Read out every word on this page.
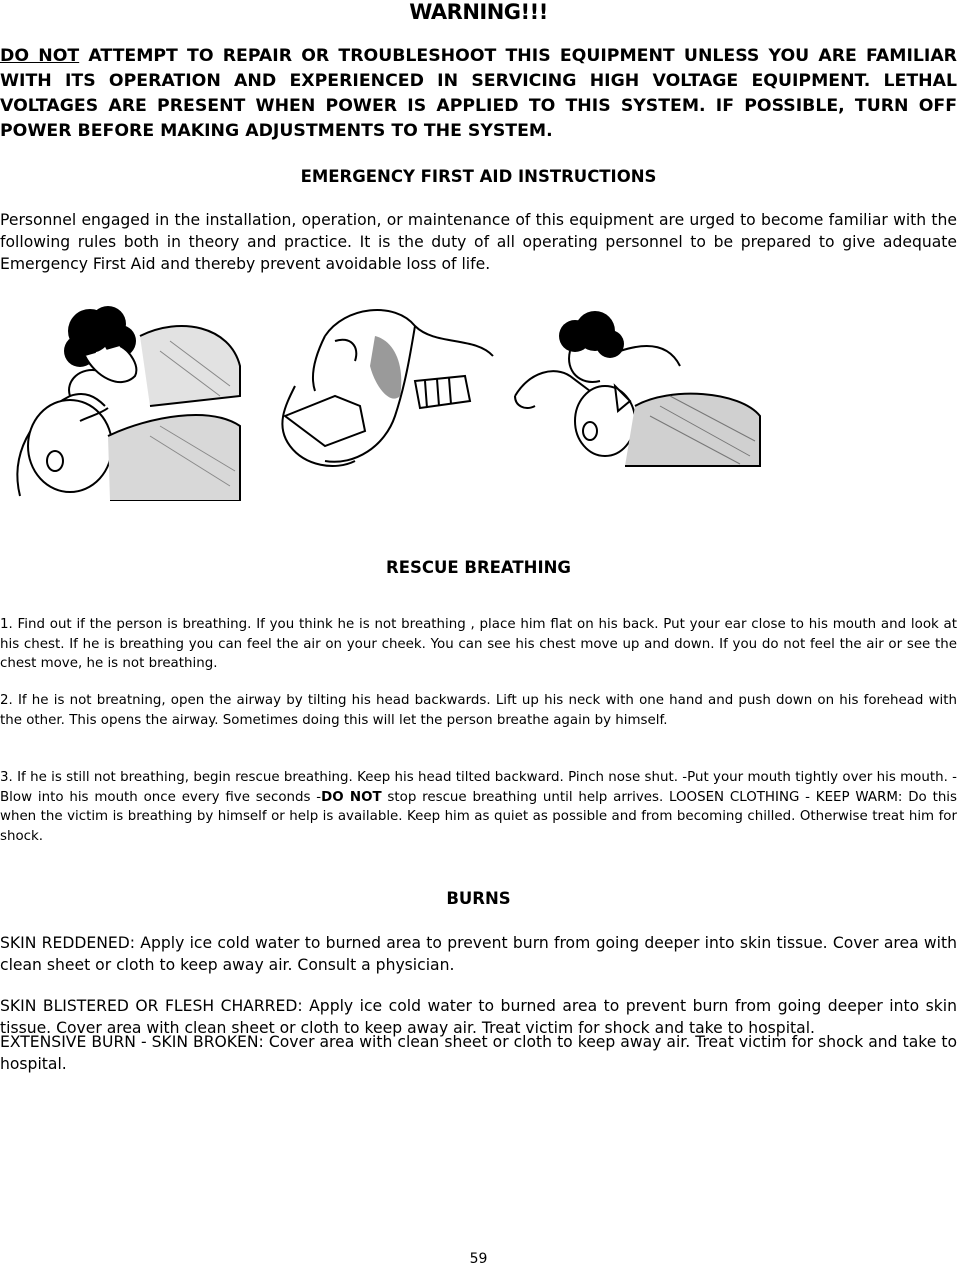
WARNING!!!

DO NOT ATTEMPT TO REPAIR OR TROUBLESHOOT THIS EQUIPMENT UNLESS YOU ARE FAMILIAR WITH ITS OPERATION AND EXPERIENCED IN SERVICING HIGH VOLTAGE EQUIPMENT. LETHAL VOLTAGES ARE PRESENT WHEN POWER IS APPLIED TO THIS SYSTEM. IF POSSIBLE, TURN OFF POWER BEFORE MAKING ADJUSTMENTS TO THE SYSTEM.

EMERGENCY FIRST AID INSTRUCTIONS

Personnel engaged in the installation, operation, or maintenance of this equipment are urged to become familiar with the following rules both in theory and practice. It is the duty of all operating personnel to be prepared to give adequate Emergency First Aid and thereby prevent avoidable loss of life.

RESCUE BREATHING

1. Find out if the person is breathing. If you think he is not breathing , place him flat on his back. Put your ear close to his mouth and look at his chest. If he is breathing you can feel the air on your cheek. You can see his chest move up and down. If you do not feel the air or see the chest move, he is not breathing.

2. If he is not breatning, open the airway by tilting his head backwards. Lift up his neck with one hand and push down on his forehead with the other. This opens the airway. Sometimes doing this will let the person breathe again by himself.

3. If he is still not breathing, begin rescue breathing. Keep his head tilted backward. Pinch nose shut. -Put your mouth tightly over his mouth. -Blow into his mouth once every five seconds -DO NOT stop rescue breathing until help arrives. LOOSEN CLOTHING - KEEP WARM: Do this when the victim is breathing by himself or help is available. Keep him as quiet as possible and from becoming chilled. Otherwise treat him for shock.

BURNS

SKIN REDDENED: Apply ice cold water to burned area to prevent burn from going deeper into skin tissue. Cover area with clean sheet or cloth to keep away air. Consult a physician.

SKIN BLISTERED OR FLESH CHARRED: Apply ice cold water to burned area to prevent burn from going deeper into skin tissue. Cover area with clean sheet or cloth to keep away air. Treat victim for shock and take to hospital.

EXTENSIVE BURN - SKIN BROKEN: Cover area with clean sheet or cloth to keep away air. Treat victim for shock and take to hospital.

59
